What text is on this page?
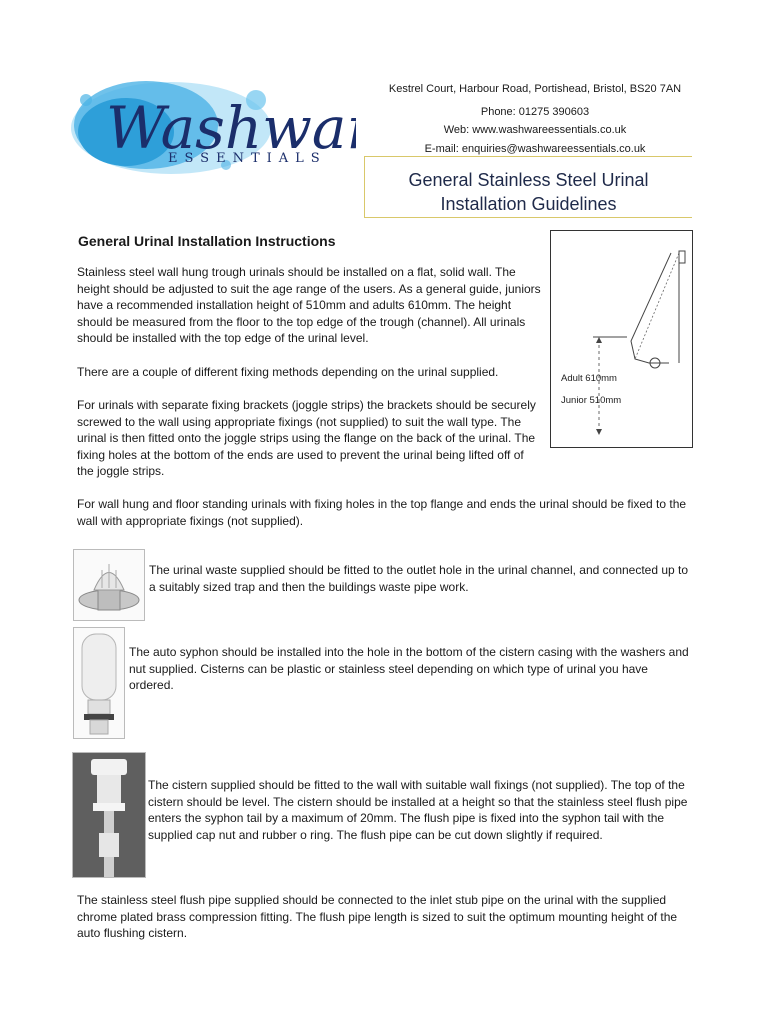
Washwa
ESSENTIALS
Kestrel Court, Harbour Road, Portishead, Bristol, BS20 7AN
Phone: 01275 390603
Web: www.washwareessentials.co.uk
E-mail: enquiries@washwareessentials.co.uk
General Stainless Steel Urinal
Installation Guidelines
General Urinal Installation Instructions

Stainless steel wall hung trough urinals should be installed on a flat, solid wall. The height should be adjusted to suit the age range of the users. As a general guide, juniors have a recommended installation height of 510mm and adults 610mm. The height should be measured from the floor to the top edge of the trough (channel). All urinals should be installed with the top edge of the urinal level.

There are a couple of different fixing methods depending on the urinal supplied.

For urinals with separate fixing brackets (joggle strips) the brackets should be securely screwed to the wall using appropriate fixings (not supplied) to suit the wall type. The urinal is then fitted onto the joggle strips using the flange on the back of the urinal. The fixing holes at the bottom of the ends are used to prevent the urinal being lifted off of the joggle strips.

For wall hung and floor standing urinals with fixing holes in the top flange and ends the urinal should be fixed to the wall with appropriate fixings (not supplied).

Adult 610mm
Junior 510mm

The urinal waste supplied should be fitted to the outlet hole in the urinal channel, and connected up to a suitably sized trap and then the buildings waste pipe work.

The auto syphon should be installed into the hole in the bottom of the cistern casing with the washers and nut supplied. Cisterns can be plastic or stainless steel depending on which type of urinal you have ordered.

The cistern supplied should be fitted to the wall with suitable wall fixings (not supplied). The top of the cistern should be level. The cistern should be installed at a height so that the stainless steel flush pipe enters the syphon tail by a maximum of 20mm. The flush pipe is fixed into the syphon tail with the supplied cap nut and rubber o ring. The flush pipe can be cut down slightly if required.

The stainless steel flush pipe supplied should be connected to the inlet stub pipe on the urinal with the supplied chrome plated brass compression fitting. The flush pipe length is sized to suit the optimum mounting height of the auto flushing cistern.
